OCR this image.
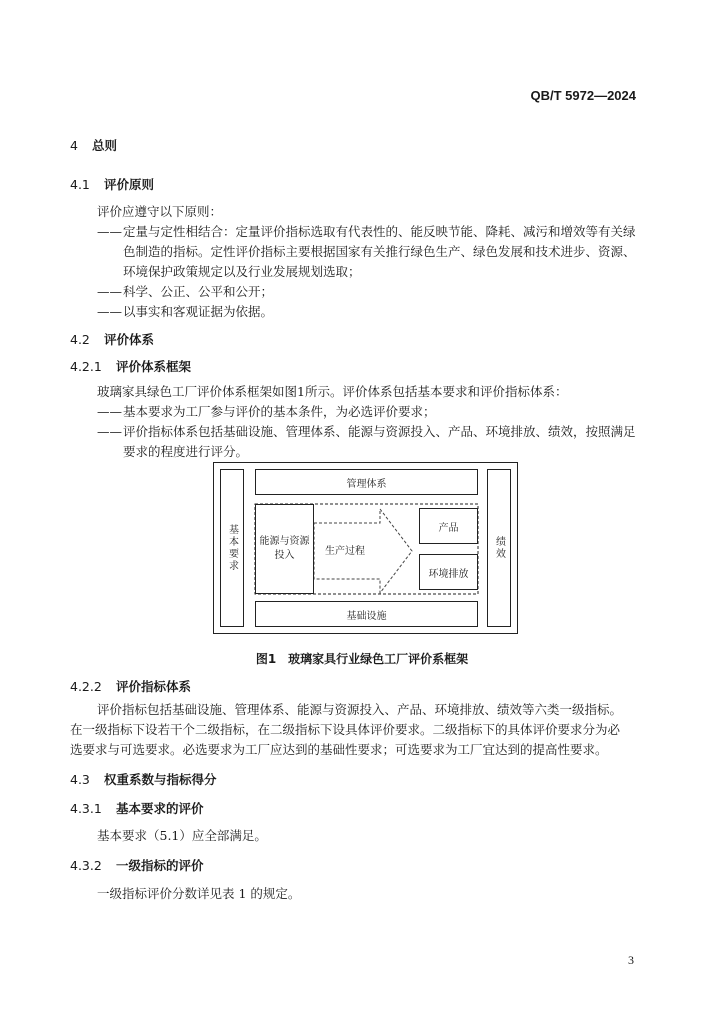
QB/T 5972—2024
4 总则
4.1 评价原则
评价应遵守以下原则：
——定量与定性相结合：定量评价指标选取有代表性的、能反映节能、降耗、减污和增效等有关绿
色制造的指标。定性评价指标主要根据国家有关推行绿色生产、绿色发展和技术进步、资源、
环境保护政策规定以及行业发展规划选取；
——科学、公正、公平和公开；
——以事实和客观证据为依据。
4.2 评价体系
4.2.1 评价体系框架
玻璃家具绿色工厂评价体系框架如图1所示。评价体系包括基本要求和评价指标体系：
——基本要求为工厂参与评价的基本条件，为必选评价要求；
——评价指标体系包括基础设施、管理体系、能源与资源投入、产品、环境排放、绩效，按照满足
要求的程度进行评分。
管理体系
基本要求	绩效
基础设施
能源与资源投入	生产过程
产品
环境排放
图1　玻璃家具行业绿色工厂评价系框架
4.2.2 评价指标体系
评价指标包括基础设施、管理体系、能源与资源投入、产品、环境排放、绩效等六类一级指标。
在一级指标下设若干个二级指标，在二级指标下设具体评价要求。二级指标下的具体评价要求分为必
选要求与可选要求。必选要求为工厂应达到的基础性要求；可选要求为工厂宜达到的提高性要求。
4.3 权重系数与指标得分
4.3.1 基本要求的评价
基本要求（5.1）应全部满足。
4.3.2 一级指标的评价
一级指标评价分数详见表 1 的规定。
3
